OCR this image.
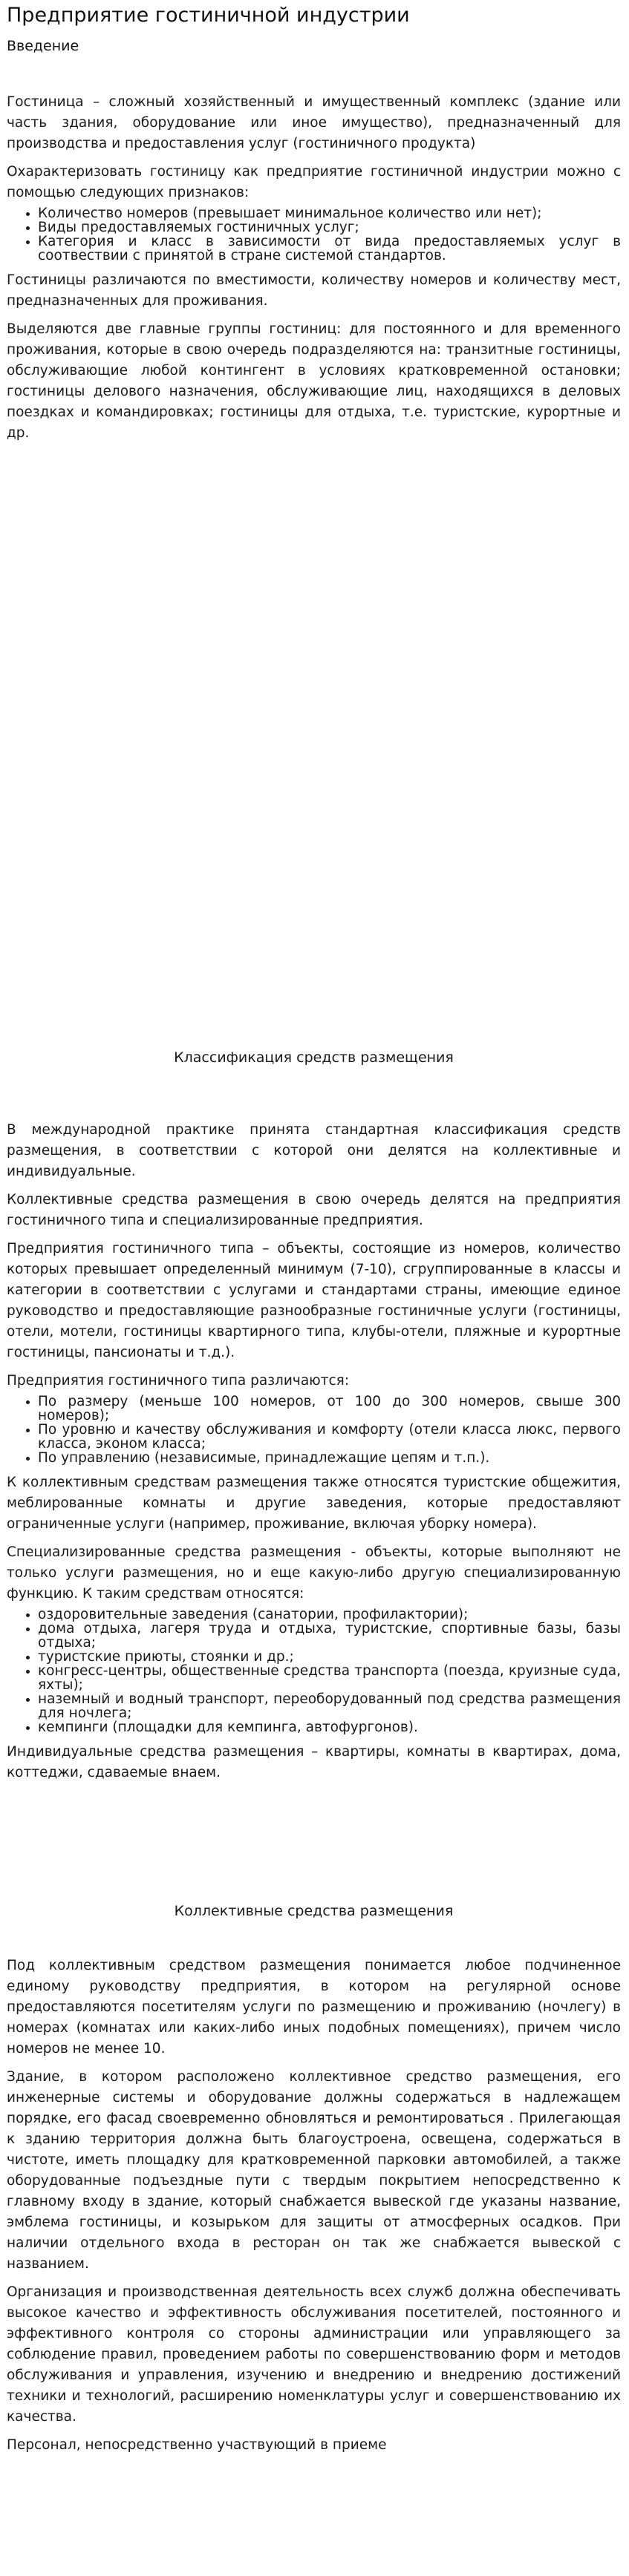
Предприятие гостиничной индустрии
Введение

Гостиница – сложный хозяйственный и имущественный комплекс (здание или часть здания, оборудование или иное имущество), предназначенный для производства и предоставления услуг (гостиничного продукта)

Охарактеризовать гостиницу как предприятие гостиничной индустрии можно с помощью следующих признаков:

• Количество номеров (превышает минимальное количество или нет);
• Виды предоставляемых гостиничных услуг;
• Категория и класс в зависимости от вида предоставляемых услуг в соотвествии с принятой в стране системой стандартов.

Гостиницы различаются по вместимости, количеству номеров и количеству мест, предназначенных для проживания.

Выделяются две главные группы гостиниц: для постоянного и для временного проживания, которые в свою очередь подразделяются на: транзитные гостиницы, обслуживающие любой контингент в условиях кратковременной остановки; гостиницы делового назначения, обслуживающие лиц, находящихся в деловых поездках и командировках; гостиницы для отдыха, т.е. туристские, курортные и др.

Классификация средств размещения

В международной практике принята стандартная классификация средств размещения, в соответствии с которой они делятся на коллективные и индивидуальные.

Коллективные средства размещения в свою очередь делятся на предприятия гостиничного типа и специализированные предприятия.

Предприятия гостиничного типа – объекты, состоящие из номеров, количество которых превышает определенный минимум (7-10), сгруппированные в классы и категории в соответствии с услугами и стандартами страны, имеющие единое руководство и предоставляющие разнообразные гостиничные услуги (гостиницы, отели, мотели, гостиницы квартирного типа, клубы-отели, пляжные и курортные гостиницы, пансионаты и т.д.).

Предприятия гостиничного типа различаются:

• По размеру (меньше 100 номеров, от 100 до 300 номеров, свыше 300 номеров);
• По уровню и качеству обслуживания и комфорту (отели класса люкс, первого класса, эконом класса;
• По управлению (независимые, принадлежащие цепям и т.п.).

К коллективным средствам размещения также относятся туристские общежития, меблированные комнаты и другие заведения, которые предоставляют ограниченные услуги (например, проживание, включая уборку номера).

Специализированные средства размещения - объекты, которые выполняют не только услуги размещения, но и еще какую-либо другую специализированную функцию. К таким средствам относятся:

• оздоровительные заведения (санатории, профилактории);
• дома отдыха, лагеря труда и отдыха, туристские, спортивные базы, базы отдыха;
• туристские приюты, стоянки и др.;
• конгресс-центры, общественные средства транспорта (поезда, круизные суда, яхты);
• наземный и водный транспорт, переоборудованный под средства размещения для ночлега;
• кемпинги (площадки для кемпинга, автофургонов).

Индивидуальные средства размещения – квартиры, комнаты в квартирах, дома, коттеджи, сдаваемые внаем.

Коллективные средства размещения

Под коллективным средством размещения понимается любое подчиненное единому руководству предприятия, в котором на регулярной основе предоставляются посетителям услуги по размещению и проживанию (ночлегу) в номерах (комнатах или каких-либо иных подобных помещениях), причем число номеров не менее 10.

Здание, в котором расположено коллективное средство размещения, его инженерные системы и оборудование должны содержаться в надлежащем порядке, его фасад своевременно обновляться и ремонтироваться . Прилегающая к зданию территория должна быть благоустроена, освещена, содержаться в чистоте, иметь площадку для кратковременной парковки автомобилей, а также оборудованные подъездные пути с твердым покрытием непосредственно к главному входу в здание, который снабжается вывеской где указаны название, эмблема гостиницы, и козырьком для защиты от атмосферных осадков. При наличии отдельного входа в ресторан он так же снабжается вывеской с названием.

Организация и производственная деятельность всех служб должна обеспечивать высокое качество и эффективность обслуживания посетителей, постоянного и эффективного контроля со стороны администрации или управляющего за соблюдение правил, проведением работы по совершенствованию форм и методов обслуживания и управления, изучению и внедрению и внедрению достижений техники и технологий, расширению номенклатуры услуг и совершенствованию их качества.

Персонал, непосредственно участвующий в приеме
